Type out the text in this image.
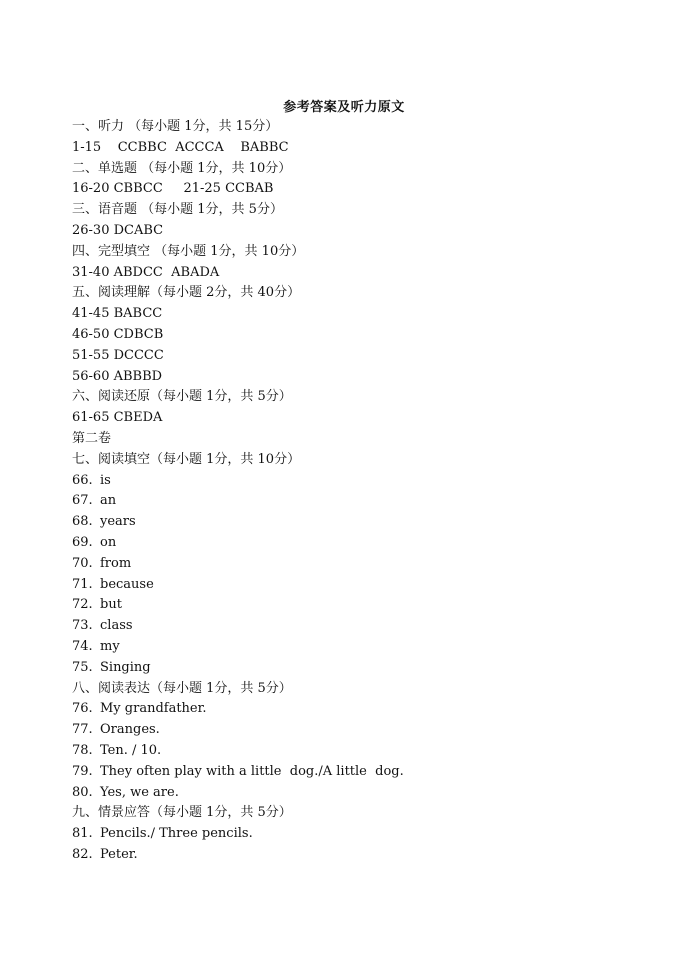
参考答案及听力原文
一、听力 （每小题 1分，共 15分）
1-15    CCBBC  ACCCA    BABBC
二、单选题 （每小题 1分，共 10分）
16-20 CBBCC     21-25 CCBAB
三、语音题 （每小题 1分，共 5分）
26-30 DCABC
四、完型填空 （每小题 1分，共 10分）
31-40 ABDCC  ABADA
五、阅读理解（每小题 2分，共 40分）
41-45 BABCC
46-50 CDBCB
51-55 DCCCC
56-60 ABBBD
六、阅读还原（每小题 1分，共 5分）
61-65 CBEDA
第二卷
七、阅读填空（每小题 1分，共 10分）
66. is
67. an
68. years
69. on
70. from
71. because
72. but
73. class
74. my
75. Singing
八、阅读表达（每小题 1分，共 5分）
76. My grandfather.
77. Oranges.
78. Ten. / 10.
79. They often play with a little  dog./A little  dog.
80. Yes, we are.
九、情景应答（每小题 1分，共 5分）
81. Pencils./ Three pencils.
82. Peter.
